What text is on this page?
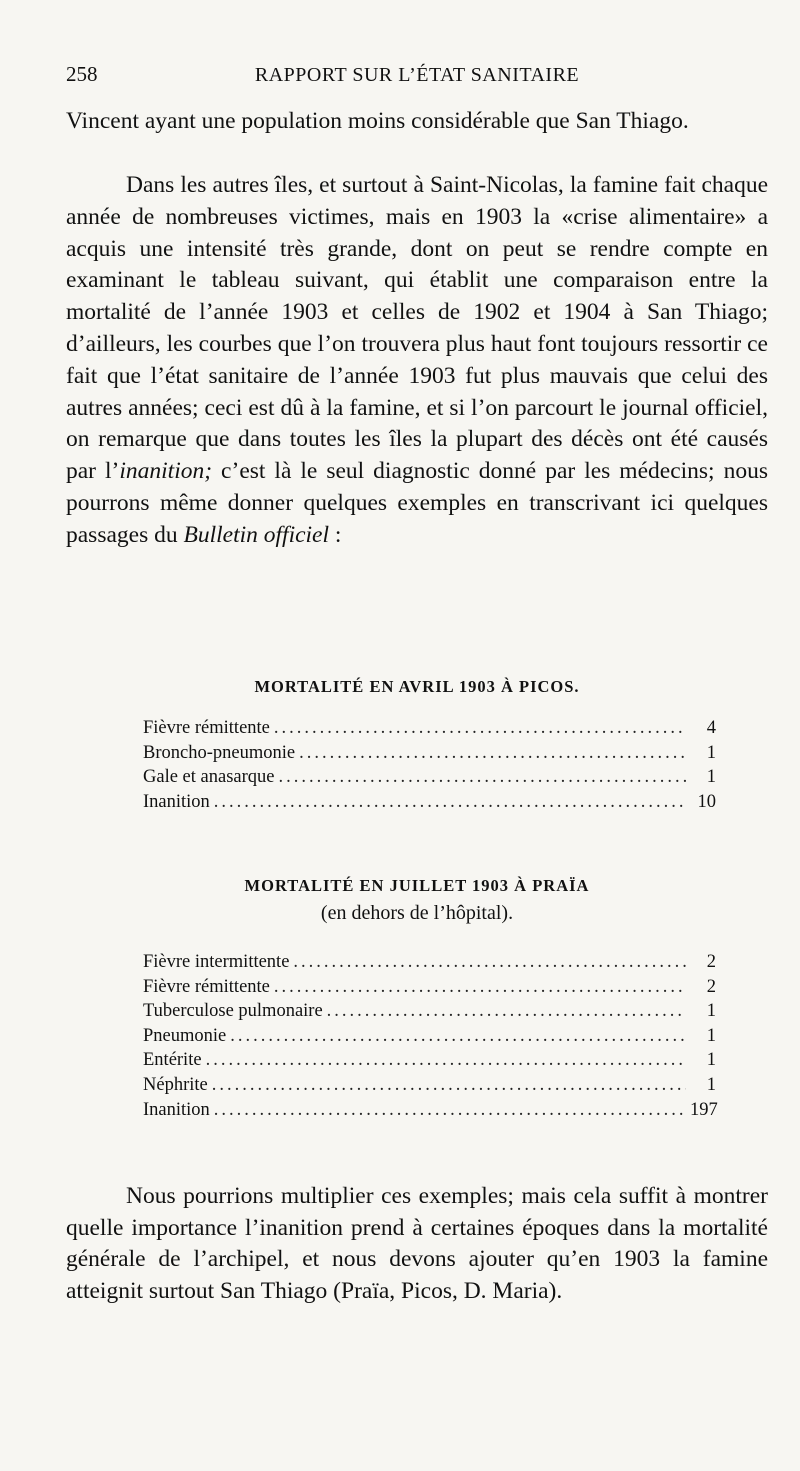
258	RAPPORT SUR L’ÉTAT SANITAIRE

Vincent ayant une population moins considérable que San Thiago.

Dans les autres îles, et surtout à Saint-Nicolas, la famine fait chaque année de nombreuses victimes, mais en 1903 la «crise alimentaire» a acquis une intensité très grande, dont on peut se rendre compte en examinant le tableau suivant, qui établit une comparaison entre la mortalité de l’année 1903 et celles de 1902 et 1904 à San Thiago; d’ailleurs, les courbes que l’on trouvera plus haut font toujours ressortir ce fait que l’état sanitaire de l’année 1903 fut plus mauvais que celui des autres années; ceci est dû à la famine, et si l’on parcourt le journal officiel, on remarque que dans toutes les îles la plupart des décès ont été causés par l’inanition; c’est là le seul diagnostic donné par les médecins; nous pourrons même donner quelques exemples en transcrivant ici quelques passages du Bulletin officiel :

MORTALITÉ EN AVRIL 1903 À PICOS.
Fièvre rémittente .....	4
Broncho-pneumonie .....	1
Gale et anasarque .....	1
Inanition .....	10
MORTALITÉ EN JUILLET 1903 À PRAÏA
(en dehors de l’hôpital).
Fièvre intermittente .....	2
Fièvre rémittente .....	2
Tuberculose pulmonaire .....	1
Pneumonie .....	1
Entérite .....	1
Néphrite .....	1
Inanition .....	197

Nous pourrions multiplier ces exemples; mais cela suffit à montrer quelle importance l’inanition prend à certaines époques dans la mortalité générale de l’archipel, et nous devons ajouter qu’en 1903 la famine atteignit surtout San Thiago (Praïa, Picos, D. Maria).
